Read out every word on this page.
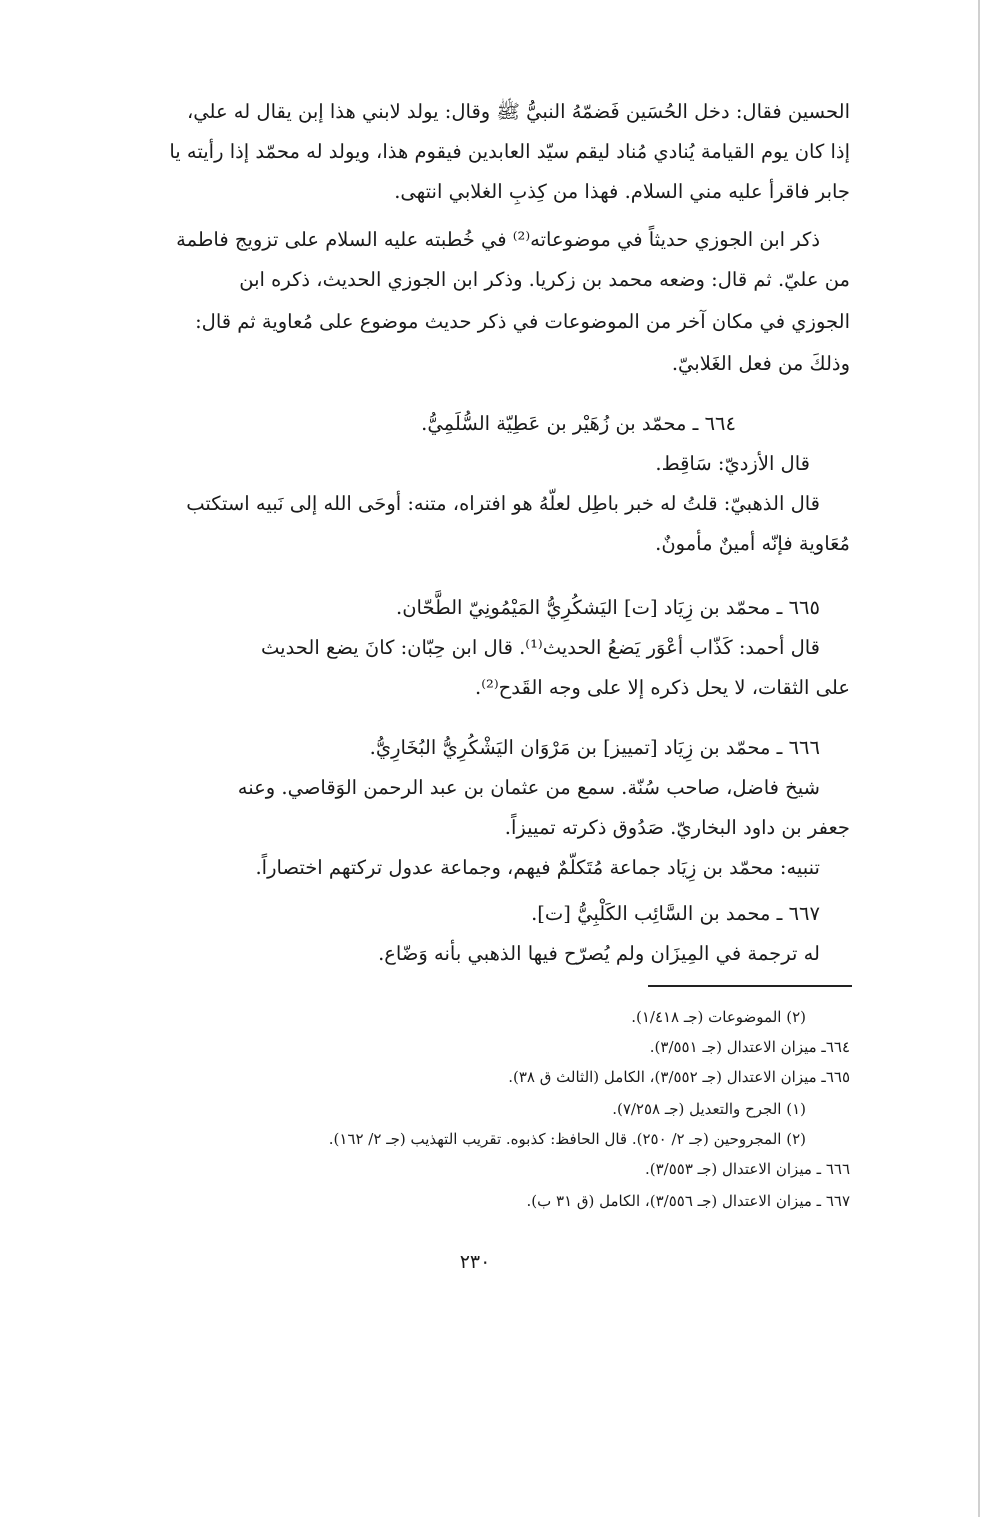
الحسين فقال: دخل الحُسَين فَضمّهُ النبيُّ ﷺ وقال: يولد لابني هذا إبن يقال له علي،
إذا كان يوم القيامة يُنادي مُناد ليقم سيّد العابدين فيقوم هذا، ويولد له محمّد إذا رأيته يا
جابر فاقرأ عليه مني السلام. فهذا من كِذبِ الغلابي انتهى.
ذكر ابن الجوزي حديثاً في موضوعاته⁽²⁾ في خُطبته عليه السلام على تزويج فاطمة
من عليّ. ثم قال: وضعه محمد بن زكريا. وذكر ابن الجوزي الحديث، ذكره ابن
الجوزي في مكان آخر من الموضوعات في ذكر حديث موضوع على مُعاوية ثم قال:
وذلكَ من فعل الغَلابيّ.
٦٦٤ ـ محمّد بن زُهَيْر بن عَطِيّة السُّلَمِيُّ.
قال الأزديّ: سَاقِط.
قال الذهبيّ: قلتُ له خبر باطِل لعلّهُ هو افتراه، متنه: أوحَى الله إلى نَبيه استكتب
مُعَاوية فإنّه أمينٌ مأمونٌ.
٦٦٥ ـ محمّد بن زِيَاد [ت] اليَشكُرِيُّ المَيْمُونِيّ الطَّحّان.
قال أحمد: كَذّاب أعْوَر يَضعُ الحديث⁽¹⁾. قال ابن حِبّان: كانَ يضع الحديث
على الثقات، لا يحل ذكره إلا على وجه القَدح⁽²⁾.
٦٦٦ ـ محمّد بن زِيَاد [تمييز] بن مَرْوَان اليَشْكُرِيُّ البُخَارِيُّ.
شيخ فاضل، صاحب سُنّة. سمع من عثمان بن عبد الرحمن الوَقاصي. وعنه
جعفر بن داود البخاريّ. صَدُوق ذكرته تمييزاً.
تنبيه: محمّد بن زِيَاد جماعة مُتَكلّمٌ فيهم، وجماعة عدول تركتهم اختصاراً.
٦٦٧ ـ محمد بن السَّائِب الكَلْبِيُّ [ت].
له ترجمة في المِيزَان ولم يُصرّح فيها الذهبي بأنه وَضّاع.
(٢) الموضوعات (جـ ١/٤١٨).
٦٦٤ـ ميزان الاعتدال (جـ ٣/٥٥١).
٦٦٥ـ ميزان الاعتدال (جـ ٣/٥٥٢)، الكامل (الثالث ق ٣٨).
(١) الجرح والتعديل (جـ ٧/٢٥٨).
(٢) المجروحين (جـ ٢/ ٢٥٠). قال الحافظ: كذبوه. تقريب التهذيب (جـ ٢/ ١٦٢).
٦٦٦ ـ ميزان الاعتدال (جـ ٣/٥٥٣).
٦٦٧ ـ ميزان الاعتدال (جـ ٣/٥٥٦)، الكامل (ق ٣١ ب).
٢٣٠
